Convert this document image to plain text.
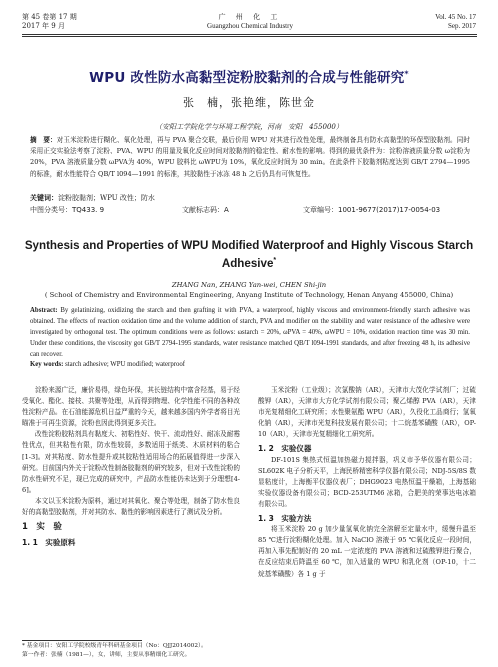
第 45 卷第 17 期
2017 年 9 月
广 州 化 工
Guangzhou Chemical Industry
Vol. 45 No. 17
Sep. 2017
WPU 改性防水高黏型淀粉胶黏剂的合成与性能研究*
张　楠，张艳维，陈世金
（安阳工学院化学与环境工程学院，河南　安阳　455000）
摘　要：对玉米淀粉进行糊化、氧化处理，再与 PVA 聚合交联，最后价用 WPU 对其进行改性处理，最终制备具有防水高黏型的环保型胶黏剂。同时采用正交实验法考察了淀粉、PVA、WPU 的用量及氧化反应时间对胶黏剂的稳定性、耐水性的影响。得到的最优条件为：淀粉溶液质量分数 ω淀粉为 20%，PVA 溶液质量分数 ωPVA为 40%，WPU 胶料比 ωWPU为 10%，氧化反应时间为 30 min。在此条件下胶黏剂粘度达到 GB/T 2794—1995 的标准，耐水性能符合 QB/T l094—1991 的标准，其胶黏性于冰冻 48 h 之后仍具有可恢复性。
关键词：淀粉胶黏剂；WPU 改性；防水
中图分类号：TQ433. 9	文献标志码：A	文章编号：1001-9677(2017)17-0054-03
Synthesis and Properties of WPU Modified Waterproof and Highly Viscous Starch Adhesive*
ZHANG Nan, ZHANG Yan-wei, CHEN Shi-jin
( School of Chemistry and Environmental Engineering, Anyang Institute of Technology, Henan Anyang 455000, China)
Abstract: By gelatinizing, oxidizing the starch and then grafting it with PVA, a waterproof, highly viscous and environment-friendly starch adhesive was obtained. The effects of reaction oxidation time and the volume addition of starch, PVA and modifier on the stability and water resistance of the adhesive were investigated by orthogonal test. The optimum conditions were as follows: ωstarch = 20%, ωPVA = 40%, ωWPU = 10%, oxidation reaction time was 30 min. Under these conditions, the viscosity got GB/T 2794-1995 standards, water resistance matched QB/T l094-1991 standards, and after freezing 48 h, its adhesive can recover.
Key words: starch adhesive; WPU modified; waterproof

淀粉来源广泛，廉价易得，绿色环保，其长链结构中富含羟基，易于经受氧化、酯化、接枝、共聚等处理，从而得到物理、化学性能不同的各种改性淀粉产品。在石油能源危机日益严重的今天，越来越多国内外学者将目光瞄准于可再生资源，淀粉也因此得到更多关注。

改性淀粉胶粘剂具有黏度大、初粘性好、快干、流动性好、耐冻及耐霉性优点，但其粘性有限，防水性较弱，多数适用于纸类、木质材料的粘合[1-3]。对其粘度、防水性提升或其胶粘性适用场合的拓展值得进一步深入研究。目前国内外关于淀粉改性制备胶黏剂的研究较多，但对于改性淀粉的防水性研究不足，现已完成的研究中，产品防水性能仍未达到于分理想[4-6]。

本文以玉米淀粉为原料，通过对其氧化、聚合等处理，制备了防水性良好的高黏型胶黏剂，并对其防水、黏性的影响因素进行了测试及分析。

1　实　验
1. 1　实验原料

玉米淀粉（工业级）；次氯酸钠（AR），天津市大茂化学试剂厂；过硫酸钾（AR），天津市大方化学试剂有限公司；聚乙烯醇 PVA（AR），天津市光复精细化工研究所；水性聚氨酯 WPU（AR），久役化工品商行；氢氧化钠（AR），天津市光复科技发展有限公司；十二烷基苯磺酸（AR），OP-10（AR），天津市光复精细化工研究所。

1. 2　实验仪器

DF-101S 集热式恒温加热磁力搅拌器，巩义市予华仪器有限公司；SL602K 电子分析天平，上海民桥精密科学仪器有限公司；NDJ-5S/8S 数显粘度计，上海衡平仪器仪表厂；DHG9023 电热恒温干燥箱，上海基础实验仪器设备有限公司；BCD-253UTM6 冰箱，合肥美的荣事达电冰箱有限公司。

1. 3　实验方法

将玉米淀粉 20 g 加少量氢氧化钠完全溶解至定量水中，缓慢升温至 85 ℃进行淀粉糊化处理。加入 NaClO 溶液于 95 ℃氧化反应一段时间，再加入事先配制好的 20 mL 一定浓度的 PVA 溶液和过硫酸钾进行聚合，在反应结束后降温至 60 ℃，加入适量的 WPU 和乳化剂（OP-10，十二烷基苯磺酸）各 1 g 于

* 基金项目：安阳工学院校级青年科研基金项目（No：QJJ2014002）。
第一作者：张楠（1981—），女，讲师，主要从事精细化工研究。
